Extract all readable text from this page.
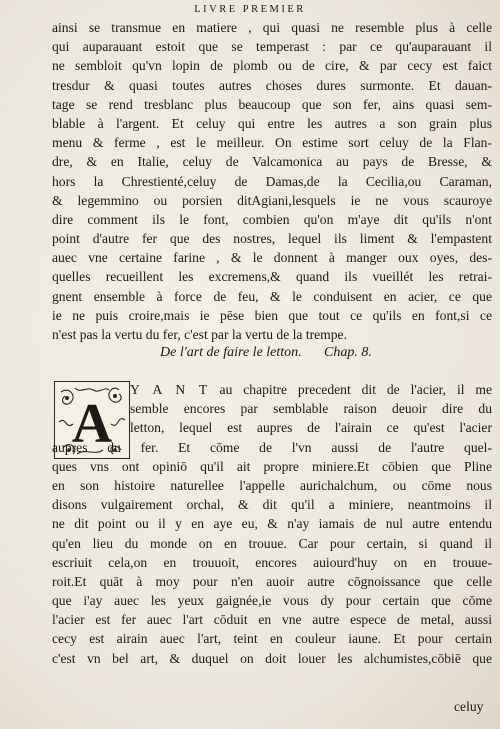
LIVRE PREMIER
ainsi se transmue en matiere , qui quasi ne resemble plus à celle
qui auparauant estoit que se temperast : par ce qu'auparauant il
ne sembloit qu'vn lopin de plomb ou de cire, & par cecy est faict
tresdur & quasi toutes autres choses dures surmonte. Et dauan-
tage se rend tresblanc plus beaucoup que son fer, ains quasi sem-
blable à l'argent. Et celuy qui entre les autres a son grain plus
menu & ferme , est le meilleur. On estime sort celuy de la Flan-
dre, & en Italie, celuy de Valcamonica au pays de Bresse, &
hors la Chrestienté,celuy de Damas,de la Cecilia,ou Caraman,
& legemmino ou porsien ditAgiani,lesquels ie ne vous scauroye
dire comment ils le font, combien qu'on m'aye dit qu'ils n'ont
point d'autre fer que des nostres, lequel ils liment & l'empastent
auec vne certaine farine , & le donnent à manger oux oyes, des-
quelles recueillent les excremens,& quand ils vueillét les retrai-
gnent ensemble à force de feu, & le conduisent en acier, ce que
ie ne puis croire,mais ie pēse bien que tout ce qu'ils en font,si ce
n'est pas la vertu du fer, c'est par la vertu de la trempe.
De l'art de faire le letton. Chap. 8.
A
Y A N T au chapitre precedent dit de l'acier, il me
semble encores par semblable raison deuoir dire du
letton, lequel est aupres de l'airain ce qu'est l'acier
aupres du fer. Et cōme de l'vn aussi de l'autre quel-
ques vns ont opiniō qu'il ait propre miniere.Et cōbien que Pline
en son histoire naturellee l'appelle aurichalchum, ou cōme nous
disons vulgairement orchal, & dit qu'il a miniere, neantmoins il
ne dit point ou il y en aye eu, & n'ay iamais de nul autre entendu
qu'en lieu du monde on en trouue. Car pour certain, si quand il
escriuit cela,on en trouuoit, encores auiourd'huy on en trouue-
roit.Et quāt à moy pour n'en auoir autre cōgnoissance que celle
que i'ay auec les yeux gaignée,ie vous dy pour certain que cōme
l'acier est fer auec l'art cōduit en vne autre espece de metal, aussi
cecy est airain auec l'art, teint en couleur iaune. Et pour certain
c'est vn bel art, & duquel on doit louer les alchumistes,cōbiē que
celuy
